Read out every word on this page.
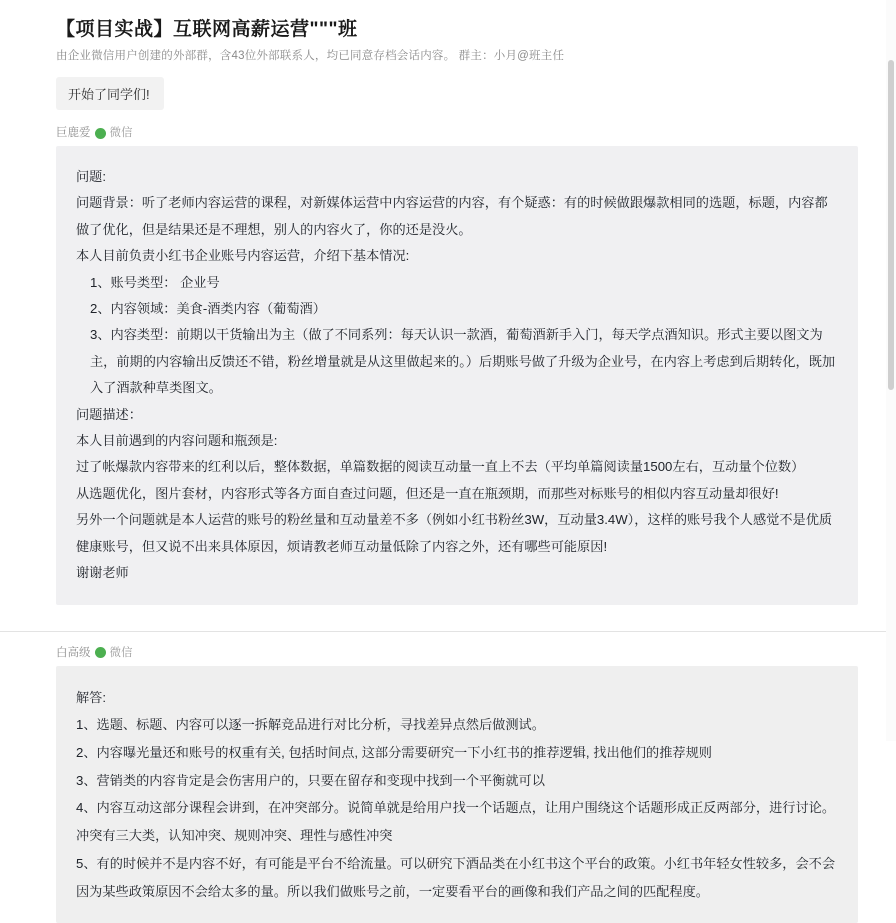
【项目实战】互联网高薪运营"""班
由企业微信用户创建的外部群，含43位外部联系人，均已同意存档会话内容。 群主：小月@班主任
开始了同学们!
巨鹿爱 微信

问题:

问题背景：听了老师内容运营的课程，对新媒体运营中内容运营的内容，有个疑惑：有的时候做跟爆款相同的选题，标题，内容都做了优化，但是结果还是不理想，别人的内容火了，你的还是没火。

本人目前负责小红书企业账号内容运营，介绍下基本情况:

1、账号类型： 企业号

2、内容领域：美食-酒类内容（葡萄酒）

3、内容类型：前期以干货输出为主（做了不同系列：每天认识一款酒，葡萄酒新手入门，每天学点酒知识。形式主要以图文为主，前期的内容输出反馈还不错，粉丝增量就是从这里做起来的。）后期账号做了升级为企业号，在内容上考虑到后期转化，既加入了酒款种草类图文。

问题描述：

本人目前遇到的内容问题和瓶颈是:

过了帐爆款内容带来的红利以后，整体数据，单篇数据的阅读互动量一直上不去（平均单篇阅读量1500左右，互动量个位数）

从选题优化，图片套材，内容形式等各方面自查过问题，但还是一直在瓶颈期，而那些对标账号的相似内容互动量却很好!

另外一个问题就是本人运营的账号的粉丝量和互动量差不多（例如小红书粉丝3W，互动量3.4W），这样的账号我个人感觉不是优质健康账号，但又说不出来具体原因，烦请教老师互动量低除了内容之外，还有哪些可能原因!

谢谢老师

白高级 微信

解答:

1、选题、标题、内容可以逐一拆解竞品进行对比分析，寻找差异点然后做测试。

2、内容曝光量还和账号的权重有关, 包括时间点, 这部分需要研究一下小红书的推荐逻辑, 找出他们的推荐规则

3、营销类的内容肯定是会伤害用户的，只要在留存和变现中找到一个平衡就可以

4、内容互动这部分课程会讲到，在冲突部分。说简单就是给用户找一个话题点，让用户围绕这个话题形成正反两部分，进行讨论。冲突有三大类，认知冲突、规则冲突、理性与感性冲突

5、有的时候并不是内容不好，有可能是平台不给流量。可以研究下酒品类在小红书这个平台的政策。小红书年轻女性较多，会不会因为某些政策原因不会给太多的量。所以我们做账号之前，一定要看平台的画像和我们产品之间的匹配程度。
